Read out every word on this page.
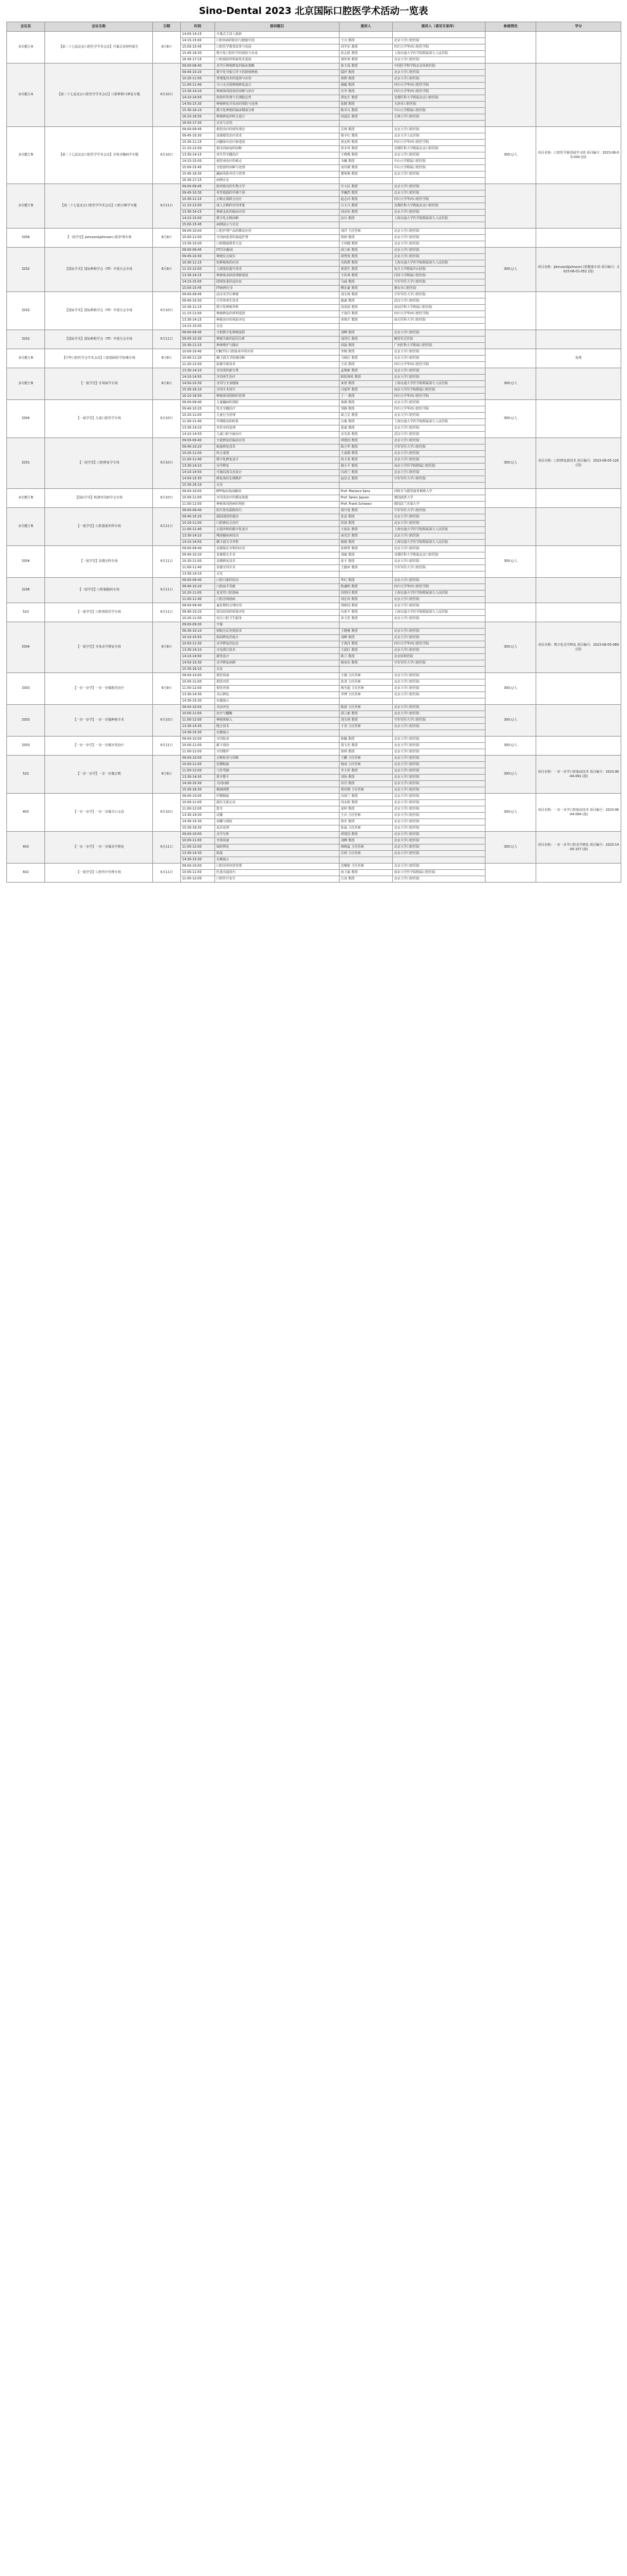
Sino-Dental 2023 北京国际口腔医学术活动一览表
会议室	会议名称	日期	时间	演讲题目	演讲人	演讲人（请见专家库）	参展情况	学分
多功能厅A	【第二十七届北京口腔医学学术会议】开幕式及特约报告	6月9日	14:00-14:15	开幕式主持人致辞				
			14:15-15:00	口腔疾病的防治与健康中国	王兴 教授	北京大学口腔医院		
			15:00-15:45	口腔医学教育改革与发展	周学东 教授	四川大学华西口腔医学院		
			15:45-16:30	数字化口腔医学的现状与未来	张志愿 教授	上海交通大学医学院附属第九人民医院		
			16:30-17:15	口腔颌面外科新技术进展	郭传瑸 教授	北京大学口腔医院		
多功能厅A	【第二十七届北京口腔医学学术会议】口腔种植与修复专题	6月10日	09:00-09:40	美学区种植修复的临床策略	宿玉成 教授	中国医学科学院北京协和医院		
			09:40-10:20	数字化导板引导下的即刻种植	邸萍 教授	北京大学口腔医院		
			10:20-11:00	骨增量技术的选择与应用	林野 教授	北京大学口腔医院		
			11:00-11:40	全口无牙颌种植修复设计	满毅 教授	四川大学华西口腔医学院		
			13:30-14:10	种植体周围炎的诊断与治疗	宫苹 教授	四川大学华西口腔医学院		
			14:10-14:50	软组织管理与长期稳定性	谭包生 教授	首都医科大学附属北京口腔医院		
			14:50-15:30	种植修复并发症的预防与处理	张健 教授	天津市口腔医院		
			15:30-16:10	数字化种植的临床精度分析	陈卓凡 教授	中山大学附属口腔医院		
			16:10-16:50	种植修复的咬合设计	周延民 教授	吉林大学口腔医院		
			16:50-17:30	讨论与总结				
多功能厅B	【第二十七届北京口腔医学学术会议】牙体牙髓病学专题	6月10日	09:00-09:45	根管治疗的现代理念	岳林 教授	北京大学口腔医院	300元/人	项目名称：口腔医学新进展学习班 项目编号：2023-06-05-034 (国)
			09:45-10:30	显微根管治疗技术	梁宇红 教授	北京大学人民医院		
			10:30-11:15	活髓保存治疗新进展	黄定明 教授	四川大学华西口腔医学院		
			11:15-12:00	根尖周病变的诊断	侯本祥 教授	首都医科大学附属北京口腔医院		
			13:30-14:15	再生性牙髓治疗	王晓燕 教授	北京大学口腔医院		
			14:15-15:00	根管再治疗的难点	韦曦 教授	中山大学附属口腔医院		
			15:00-15:45	牙隐裂的诊断与处理	凌均棨 教授	中山大学附属口腔医院		
			15:45-16:30	龋病风险评估与管理	董艳梅 教授	北京大学口腔医院		
			16:30-17:15	病例讨论				
多功能厅B	【第二十七届北京口腔医学学术会议】口腔正畸学专题	6月11日	09:00-09:45	隐形矫治的生物力学	许天民 教授	北京大学口腔医院		
			09:45-10:30	骨性错颌的早期干预	李巍然 教授	北京大学口腔医院		
			10:30-11:15	正畸正颌联合治疗	赵志河 教授	四川大学华西口腔医学院		
			11:15-12:00	成人正畸的牙周考量	白玉兴 教授	首都医科大学附属北京口腔医院		
			13:30-14:15	种植支抗的临床应用	周彦恒 教授	北京大学口腔医院		
			14:15-15:00	数字化正畸诊断	房兵 教授	上海交通大学医学院附属第九人民医院		
			15:00-15:45	病例展示与讨论				
3304	【一展学堂】Johnson&Johnson口腔护理专场	6月9日	09:00-10:00	口腔护理产品的循证应用	刘洋 主任医师	北京大学口腔医院		
			10:00-11:00	牙周病患者的家庭护理	徐莉 教授	北京大学口腔医院		
			13:30-15:00	口腔健康教育方法	王伟健 教授	北京大学口腔医院		
3202	【国际学术】国际种植学会（ITI）中国分会专场	6月9日	09:00-09:45	ITI共识解读	邱立新 教授	北京大学口腔医院	300元/人	项目名称：Johnson&Johnson口腔健康专项 项目编号：2023-06-01-052 (国)
			09:45-10:30	种植位点保存	胡秀莲 教授	北京大学口腔医院		
			10:30-11:15	短种植体的应用	吴轶群 教授	上海交通大学医学院附属第九人民医院		
			11:15-12:00	上颌窦底提升技术	黄建生 教授	复旦大学附属中山医院		
			13:30-14:15	种植体表面处理新进展	王佐林 教授	同济大学附属口腔医院		
			14:15-15:00	即刻负重的适应症	马威 教授	空军军医大学口腔医院		
			15:00-15:45	ITI病例分享	柳忠豪 教授	烟台市口腔医院		
3202	【国际学术】国际种植学会（ITI）中国分会专场	6月10日	09:00-09:45	前牙美学区种植	刘宝林 教授	空军军医大学口腔医院		
			09:45-10:30	引导骨再生技术	施斌 教授	武汉大学口腔医院		
			10:30-11:15	数字化种植外科	汤春波 教授	南京医科大学附属口腔医院		
			11:15-12:00	种植修复的材料选择	于海洋 教授	四川大学华西口腔医学院		
			13:30-14:15	种植治疗的风险评估	章锦才 教授	南方医科大学口腔医院		
			14:15-15:00	讨论				
3202	【国际学术】国际种植学会（ITI）中国分会专场	6月11日	09:00-09:45	全程数字化种植流程	刘峰 教授	北京大学口腔医院		
			09:45-10:30	种植失败的原因分析	刘洪臣 教授	解放军总医院		
			10:30-11:15	种植维护与随访	周磊 教授	广州医科大学附属口腔医院		
多功能厅B	【中华口腔医学会学术会议】口腔颌面医学影像专场	6月9日	10:00-10:40	CBCT在口腔临床中的应用	李刚 教授	北京大学口腔医院		免费
			10:40-11:20	颞下颌关节影像诊断	马绪臣 教授	北京大学口腔医院		
			11:20-12:00	影像学新技术	王虎 教授	四川大学华西口腔医学院		
多功能厅B	【一展学堂】牙周病学专场	6月9日	13:30-14:10	牙周炎的新分类	孟焕新 教授	北京大学口腔医院	300元/人	
			14:10-14:50	牙周再生治疗	欧阳翔英 教授	北京大学口腔医院		
			14:50-15:30	牙周与全身健康	束蓉 教授	上海交通大学医学院附属第九人民医院		
			15:30-16:10	牙周手术技巧	闫福华 教授	南京大学医学院附属口腔医院		
			16:10-16:50	种植体周围组织管理	丁一 教授	四川大学华西口腔医学院		
3304	【一展学堂】儿童口腔医学专场	6月10日	09:00-09:40	儿童龋病的预防	秦满 教授	北京大学口腔医院	300元/人	
			09:40-10:20	乳牙牙髓治疗	邹静 教授	四川大学华西口腔医学院		
			10:20-11:00	儿童行为管理	葛立宏 教授	北京大学口腔医院		
			11:00-11:40	早期矫治的时机	汪俊 教授	上海交通大学医学院附属第九人民医院		
			13:30-14:10	外伤牙的处理	夏斌 教授	北京大学口腔医院		
			14:10-14:50	儿童口腔全麻治疗	宋光泰 教授	武汉大学口腔医院		
3201	【一展学堂】口腔修复学专场	6月10日	09:00-09:40	全瓷修复的临床应用	谭建国 教授	北京大学口腔医院	300元/人	项目名称：口腔修复新技术 项目编号：2023-06-05-126 (国)
			09:40-10:20	粘接修复技术	陈吉华 教授	空军军医大学口腔医院		
			10:20-11:00	咬合重建	王嘉德 教授	北京大学口腔医院		
			11:00-11:40	数字化修复设计	孙玉春 教授	北京大学口腔医院		
			13:30-14:10	美学修复	骆小平 教授	南京大学医学院附属口腔医院		
			14:10-14:50	可摘局部义齿设计	冯海兰 教授	北京大学口腔医院		
			14:50-15:30	修复体的长期维护	赵信义 教授	空军军医大学口腔医院		
			15:30-16:10	讨论				
多功能厅B	【国际学术】欧洲牙周病学会专场	6月10日	09:00-10:00	EFP临床指南解读	Prof. Mariano Sanz	西班牙马德里康普顿斯大学		
			10:00-11:00	牙周炎治疗的循证依据	Prof. Søren Jepsen	德国波恩大学		
			11:00-12:00	种植体周围病的预防	Prof. Frank Schwarz	德国法兰克福大学		
多功能厅B	【一展学堂】口腔颌面外科专场	6月11日	09:00-09:40	阻生智齿拔除技巧	胡开进 教授	空军军医大学口腔医院		
			09:40-10:20	颌面部创伤救治	张益 教授	北京大学口腔医院		
			10:20-11:00	口腔癌综合治疗	彭歆 教授	北京大学口腔医院		
			11:00-11:40	正颌外科的数字化设计	王旭东 教授	上海交通大学医学院附属第九人民医院		
			13:30-14:10	唾液腺疾病诊治	俞光岩 教授	北京大学口腔医院		
			14:10-14:50	颞下颌关节外科	杨驰 教授	上海交通大学医学院附属第九人民医院		
3304	【一展学堂】显微牙科专场	6月11日	09:00-09:40	显微镜在牙科的应用	张晓菁 教授	北京大学口腔医院	300元/人	
			09:40-10:20	显微根尖手术	刘斌 教授	首都医科大学附属北京口腔医院		
			10:20-11:00	显微修复技术	张宇 教授	北京大学口腔医院		
			11:00-11:40	显微牙周手术	王勤涛 教授	空军军医大学口腔医院		
			13:30-14:10	讨论				
3206	【一展学堂】口腔黏膜病专场	6月11日	09:00-09:40	口腔白斑的诊治	华红 教授	北京大学口腔医院		
			09:40-10:20	口腔扁平苔藓	陈谦明 教授	四川大学华西口腔医学院		
			10:20-11:00	复发性口腔溃疡	周曾同 教授	上海交通大学医学院附属第九人民医院		
			11:00-11:40	口腔念珠菌病	刘宏伟 教授	北京大学口腔医院		
510	【一展学堂】口腔预防医学专场	6月11日	09:00-09:40	氟化物的合理应用	郑树国 教授	北京大学口腔医院		
			09:40-10:20	窝沟封闭的效果评价	冯希平 教授	上海交通大学医学院附属第九人民医院		
			10:20-11:00	社区口腔卫生服务	荣文笙 教授	北京大学口腔医院		
3304	【一展学堂】牙体美学修复专场	6月9日	09:00-09:30	开幕			300元/人	项目名称：数字化美学修复 项目编号：2023-06-05-089 (国)
			09:30-10:10	树脂分层充填技术	王晓燕 教授	北京大学口腔医院		
			10:10-10:50	贴面修复的设计	刘峰 教授	北京大学口腔医院		
			10:50-11:30	美学修复的比色	于海洋 教授	四川大学华西口腔医学院		
			13:30-14:10	牙齿漂白技术	王韶红 教授	北京大学口腔医院		
			14:10-14:50	微笑设计	陈立 教授	北京协和医院		
			14:50-15:30	美学修复病例	杨亚东 教授	空军军医大学口腔医院		
			15:30-16:10	讨论				
3303	【一步一步学】一步一步做根管治疗	6月9日	09:00-10:00	根管预备	王捷 主任医师	北京大学口腔医院	300元/人	
			10:00-11:00	根管冲洗	张清 主任医师	北京大学口腔医院		
			11:00-12:00	根管充填	杨雪超 主任医师	北京大学口腔医院		
			13:30-14:30	术后修复	李博 主任医师	北京大学口腔医院		
			14:30-15:30	实操演示				
3303	【一步一步学】一步一步做种植手术	6月10日	09:00-10:00	术前评估	陈波 主任医师	北京大学口腔医院	300元/人	
			10:00-11:00	切开与翻瓣	邱立新 教授	北京大学口腔医院		
			11:00-12:00	种植体植入	刘宝林 教授	空军军医大学口腔医院		
			13:30-14:30	缝合技术	于尧 主任医师	北京大学口腔医院		
			14:30-15:30	实操演示				
3303	【一步一步学】一步一步做牙周治疗	6月11日	09:00-10:00	牙周检查	和璐 教授	北京大学口腔医院	300元/人	
			10:00-11:00	龈下刮治	胡文杰 教授	北京大学口腔医院		
			11:00-12:00	牙周维护	徐莉 教授	北京大学口腔医院		
510	【一步一步学】一步一步做正畸	6月9日	09:00-10:00	正畸检查与诊断	王鹏 主任医师	北京大学口腔医院	300元/人	项目名称：一步一步学口腔临床技术 项目编号：2023-06-04-091 (国)
			10:00-11:00	托槽粘接	韩冰 主任医师	北京大学口腔医院		
			11:00-12:00	弓丝弯制	李小彤 教授	北京大学口腔医院		
			13:30-14:30	排齐整平	刘怡 教授	北京大学口腔医院		
			14:30-15:30	关闭间隙	谷岩 教授	北京大学口腔医院		
			15:30-16:30	精细调整	贾培增 主任医师	北京大学口腔医院		
403	【一步一步学】一步一步做全口义齿	6月10日	09:00-10:00	印模制取	冯海兰 教授	北京大学口腔医院	300元/人	项目名称：一步一步学口腔临床技术 项目编号：2023-06-04-094 (国)
			10:00-11:00	颌位关系记录	周永胜 教授	北京大学口腔医院		
			11:00-12:00	排牙	姜婷 教授	北京大学口腔医院		
			13:30-14:30	试戴	王兵 主任医师	北京大学口腔医院		
			14:30-15:30	初戴与调改	徐军 教授	北京大学口腔医院		
			15:30-16:30	复诊处理	张磊 主任医师	北京大学口腔医院		
403	【一步一步学】一步一步做美学修复	6月11日	09:00-10:00	美学分析	谭建国 教授	北京大学口腔医院	300元/人	项目名称：一步一步学口腔美学修复 项目编号：2023-14-05-157 (国)
			10:00-11:00	牙体预备	刘峰 教授	北京大学口腔医院		
			11:00-12:00	临时修复	师晓蕊 主任医师	北京大学口腔医院		
			13:30-14:30	粘接	岳莉 主任医师	北京大学口腔医院		
			14:30-15:30	实操演示				
402	【一展学堂】口腔医疗管理专场	6月11日	09:00-10:00	口腔诊所经营管理	沈曙铭 主任医师	北京大学口腔医院		
			10:00-11:00	医患沟通技巧	孙卫斌 教授	南京大学医学院附属口腔医院		
			11:00-12:00	口腔医疗安全	江泳 教授	北京大学口腔医院		
